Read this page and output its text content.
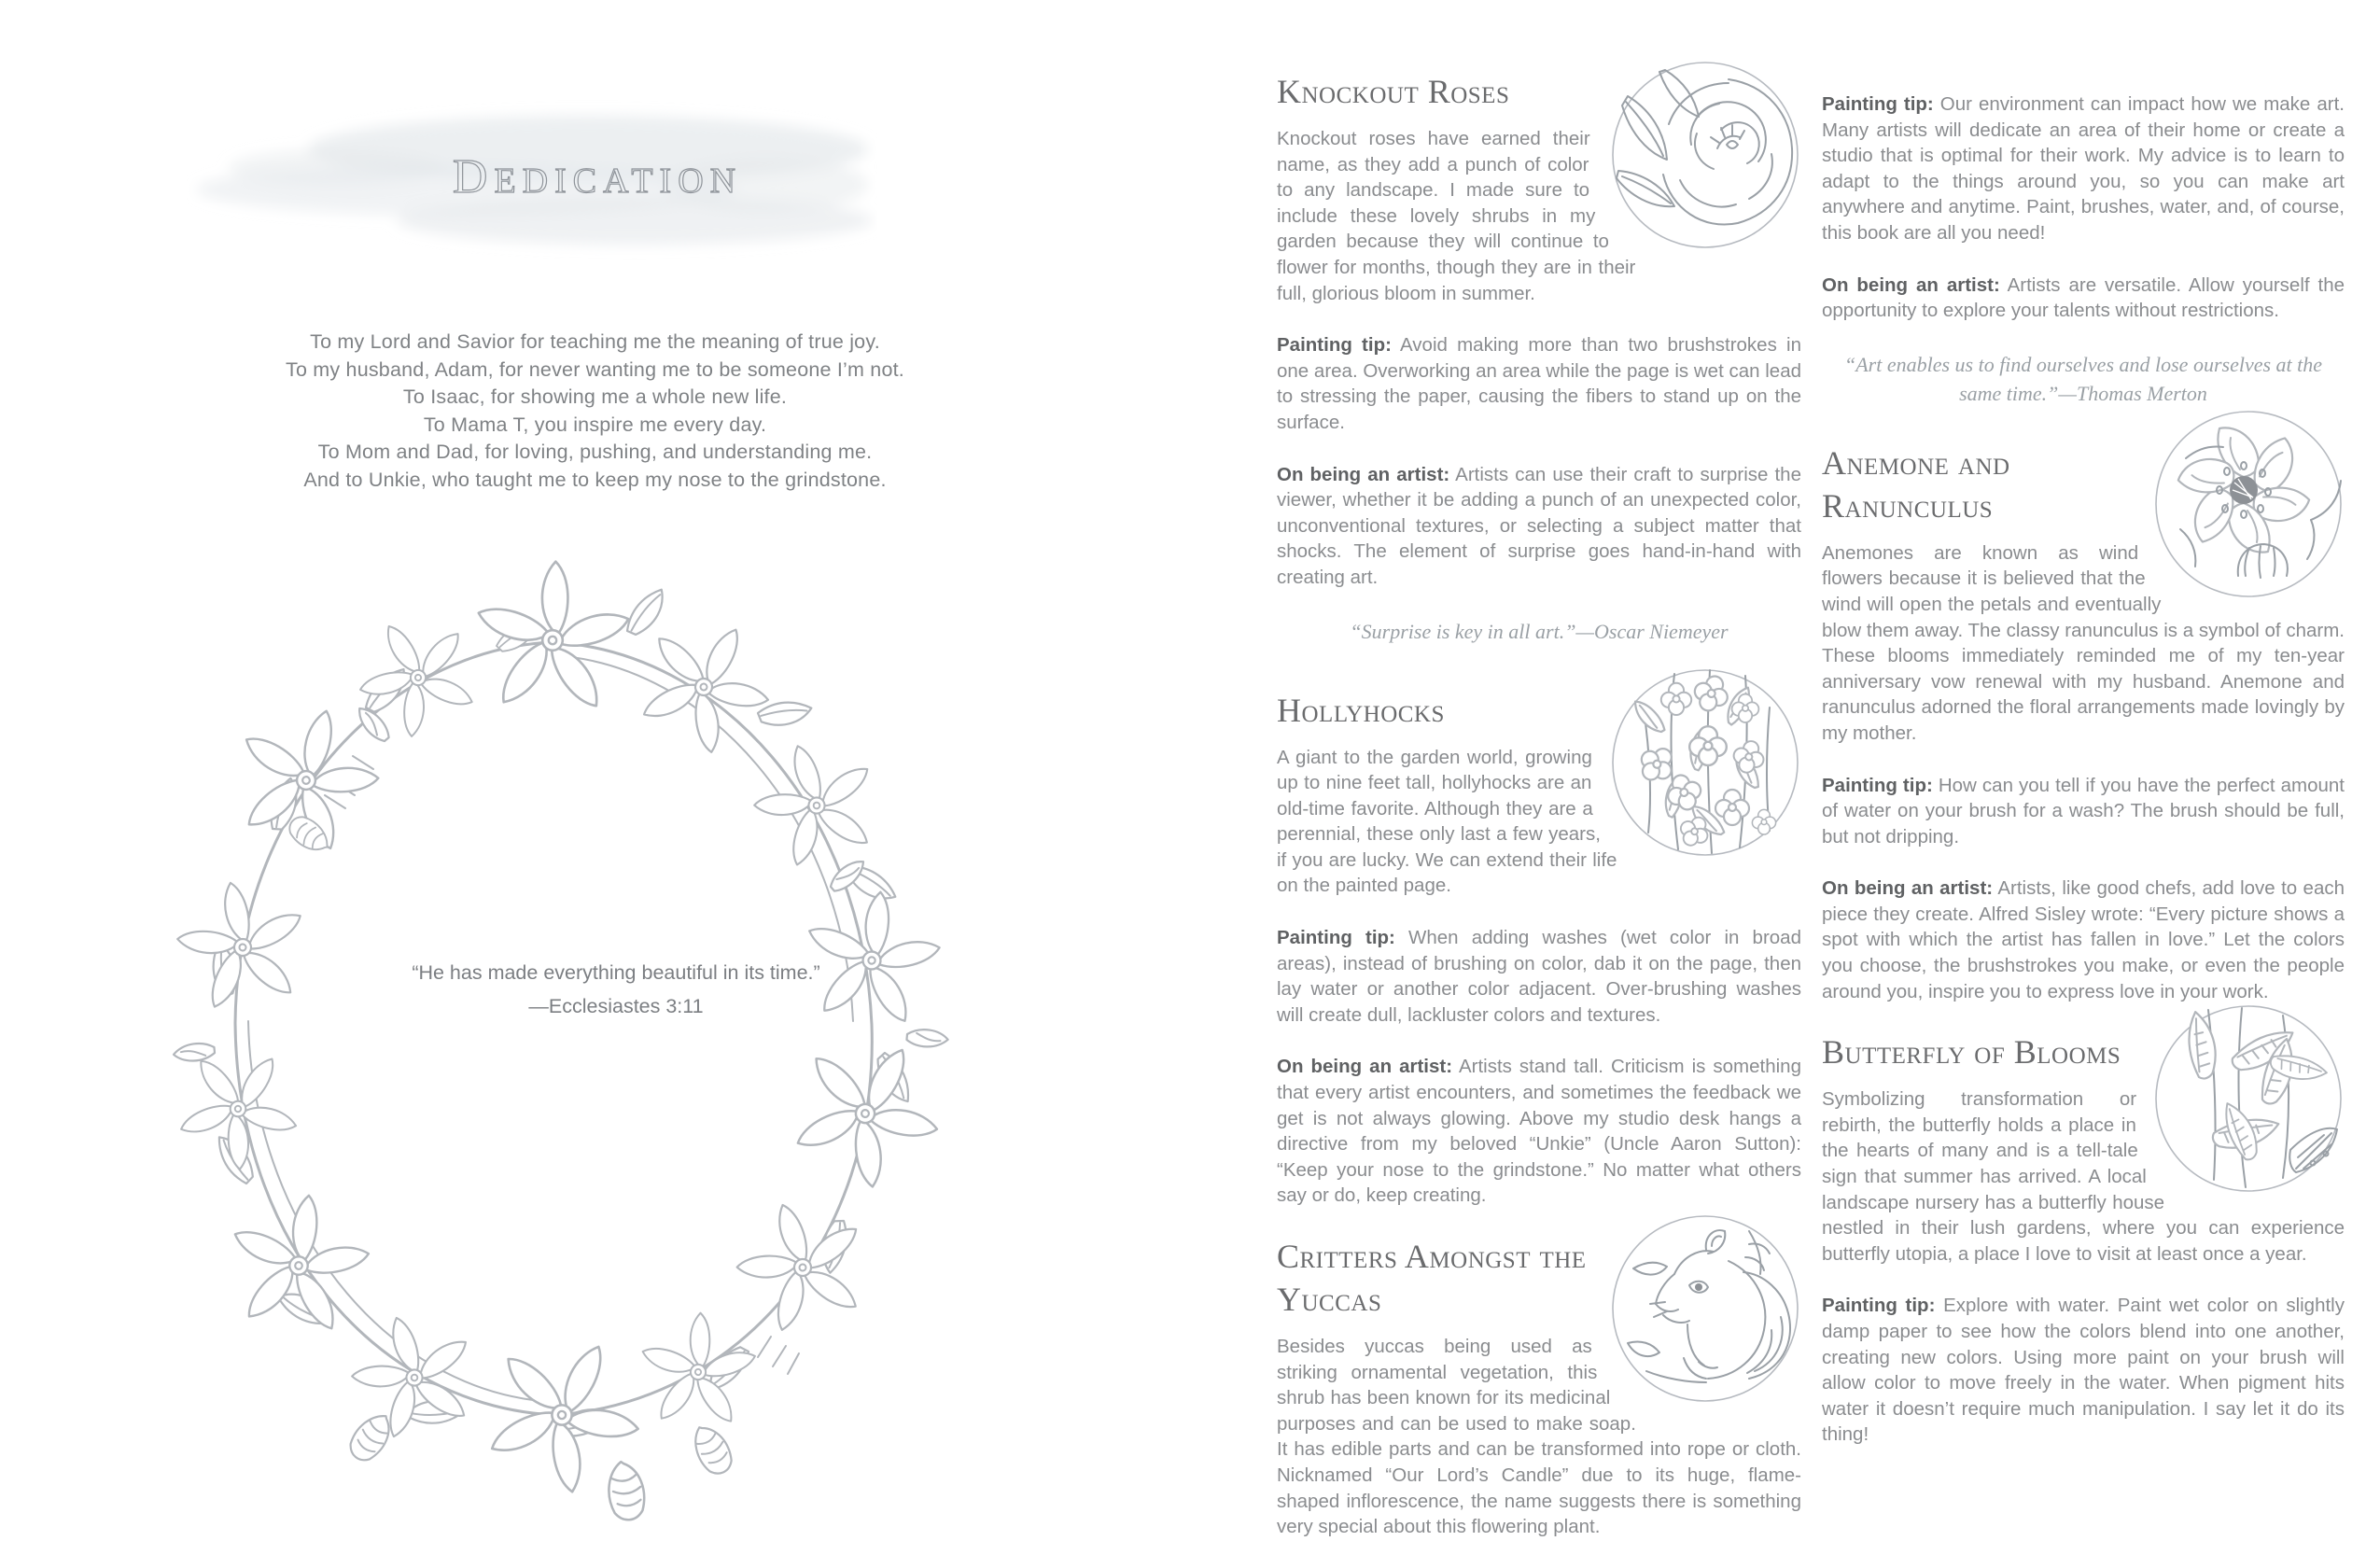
DEDICATION

To my Lord and Savior for teaching me the meaning of true joy.

To my husband, Adam, for never wanting me to be someone I’m not.

To Isaac, for showing me a whole new life.

To Mama T, you inspire me every day.

To Mom and Dad, for loving, pushing, and understanding me.

And to Unkie, who taught me to keep my nose to the grindstone.

“He has made everything beautiful in its time.”

—Ecclesiastes 3:11

Knockout Roses

Knockout roses have earned their name, as they add a punch of color to any landscape. I made sure to include these lovely shrubs in my garden because they will continue to flower for months, though they are in their full, glorious bloom in summer.

Painting tip: Avoid making more than two brushstrokes in one area. Overworking an area while the page is wet can lead to stressing the paper, causing the fibers to stand up on the surface.

On being an artist: Artists can use their craft to surprise the viewer, whether it be adding a punch of an unexpected color, unconventional textures, or selecting a subject matter that shocks. The element of surprise goes hand-in-hand with creating art.

“Surprise is key in all art.”—Oscar Niemeyer

Hollyhocks

A giant to the garden world, growing up to nine feet tall, hollyhocks are an old-time favorite. Although they are a perennial, these only last a few years, if you are lucky. We can extend their life on the painted page.

Painting tip: When adding washes (wet color in broad areas), instead of brushing on color, dab it on the page, then lay water or another color adjacent. Over-brushing washes will create dull, lackluster colors and textures.

On being an artist: Artists stand tall. Criticism is something that every artist encounters, and sometimes the feedback we get is not always glowing. Above my studio desk hangs a directive from my beloved “Unkie” (Uncle Aaron Sutton): “Keep your nose to the grindstone.” No matter what others say or do, keep creating.

Critters Amongst the Yuccas

Besides yuccas being used as striking ornamental vegetation, this shrub has been known for its medicinal purposes and can be used to make soap. It has edible parts and can be transformed into rope or cloth. Nicknamed “Our Lord’s Candle” due to its huge, flame-shaped inflorescence, the name suggests there is something very special about this flowering plant.

Painting tip: Our environment can impact how we make art. Many artists will dedicate an area of their home or create a studio that is optimal for their work. My advice is to learn to adapt to the things around you, so you can make art anywhere and anytime. Paint, brushes, water, and, of course, this book are all you need!

On being an artist: Artists are versatile. Allow yourself the opportunity to explore your talents without restrictions.

“Art enables us to find ourselves and lose ourselves at the same time.”—Thomas Merton

Anemone and Ranunculus

Anemones are known as wind flowers because it is believed that the wind will open the petals and eventually blow them away. The classy ranunculus is a symbol of charm. These blooms immediately reminded me of my ten-year anniversary vow renewal with my husband. Anemone and ranunculus adorned the floral arrangements made lovingly by my mother.

Painting tip: How can you tell if you have the perfect amount of water on your brush for a wash? The brush should be full, but not dripping.

On being an artist: Artists, like good chefs, add love to each piece they create. Alfred Sisley wrote: “Every picture shows a spot with which the artist has fallen in love.” Let the colors you choose, the brushstrokes you make, or even the people around you, inspire you to express love in your work.

Butterfly of Blooms

Symbolizing transformation or rebirth, the butterfly holds a place in the hearts of many and is a tell-tale sign that summer has arrived. A local landscape nursery has a butterfly house nestled in their lush gardens, where you can experience butterfly utopia, a place I love to visit at least once a year.

Painting tip: Explore with water. Paint wet color on slightly damp paper to see how the colors blend into one another, creating new colors. Using more paint on your brush will allow color to move freely in the water. When pigment hits water it doesn’t require much manipulation. I say let it do its thing!
